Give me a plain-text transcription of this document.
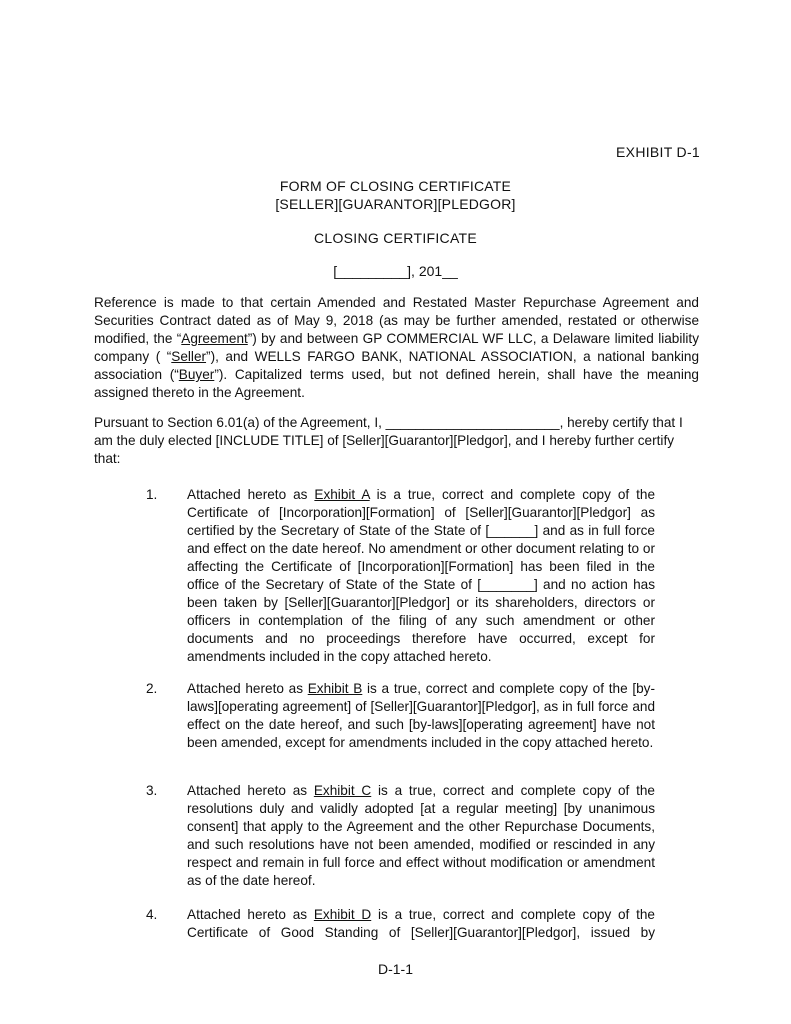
EXHIBIT D-1
FORM OF CLOSING CERTIFICATE
[SELLER][GUARANTOR][PLEDGOR]
CLOSING CERTIFICATE
[_________], 201__
Reference is made to that certain Amended and Restated Master Repurchase Agreement and Securities Contract dated as of May 9, 2018 (as may be further amended, restated or otherwise modified, the “Agreement”) by and between GP COMMERCIAL WF LLC, a Delaware limited liability company ( “Seller”), and WELLS FARGO BANK, NATIONAL ASSOCIATION, a national banking association (“Buyer”). Capitalized terms used, but not defined herein, shall have the meaning assigned thereto in the Agreement.
Pursuant to Section 6.01(a) of the Agreement, I, _______________________, hereby certify that I am the duly elected [INCLUDE TITLE] of [Seller][Guarantor][Pledgor], and I hereby further certify that:
1. Attached hereto as Exhibit A is a true, correct and complete copy of the Certificate of [Incorporation][Formation] of [Seller][Guarantor][Pledgor] as certified by the Secretary of State of the State of [______] and as in full force and effect on the date hereof. No amendment or other document relating to or affecting the Certificate of [Incorporation][Formation] has been filed in the office of the Secretary of State of the State of [_______] and no action has been taken by [Seller][Guarantor][Pledgor] or its shareholders, directors or officers in contemplation of the filing of any such amendment or other documents and no proceedings therefore have occurred, except for amendments included in the copy attached hereto.
2. Attached hereto as Exhibit B is a true, correct and complete copy of the [by-laws][operating agreement] of [Seller][Guarantor][Pledgor], as in full force and effect on the date hereof, and such [by-laws][operating agreement] have not been amended, except for amendments included in the copy attached hereto.
3. Attached hereto as Exhibit C is a true, correct and complete copy of the resolutions duly and validly adopted [at a regular meeting] [by unanimous consent] that apply to the Agreement and the other Repurchase Documents, and such resolutions have not been amended, modified or rescinded in any respect and remain in full force and effect without modification or amendment as of the date hereof.
4. Attached hereto as Exhibit D is a true, correct and complete copy of the Certificate of Good Standing of [Seller][Guarantor][Pledgor], issued by
D-1-1
